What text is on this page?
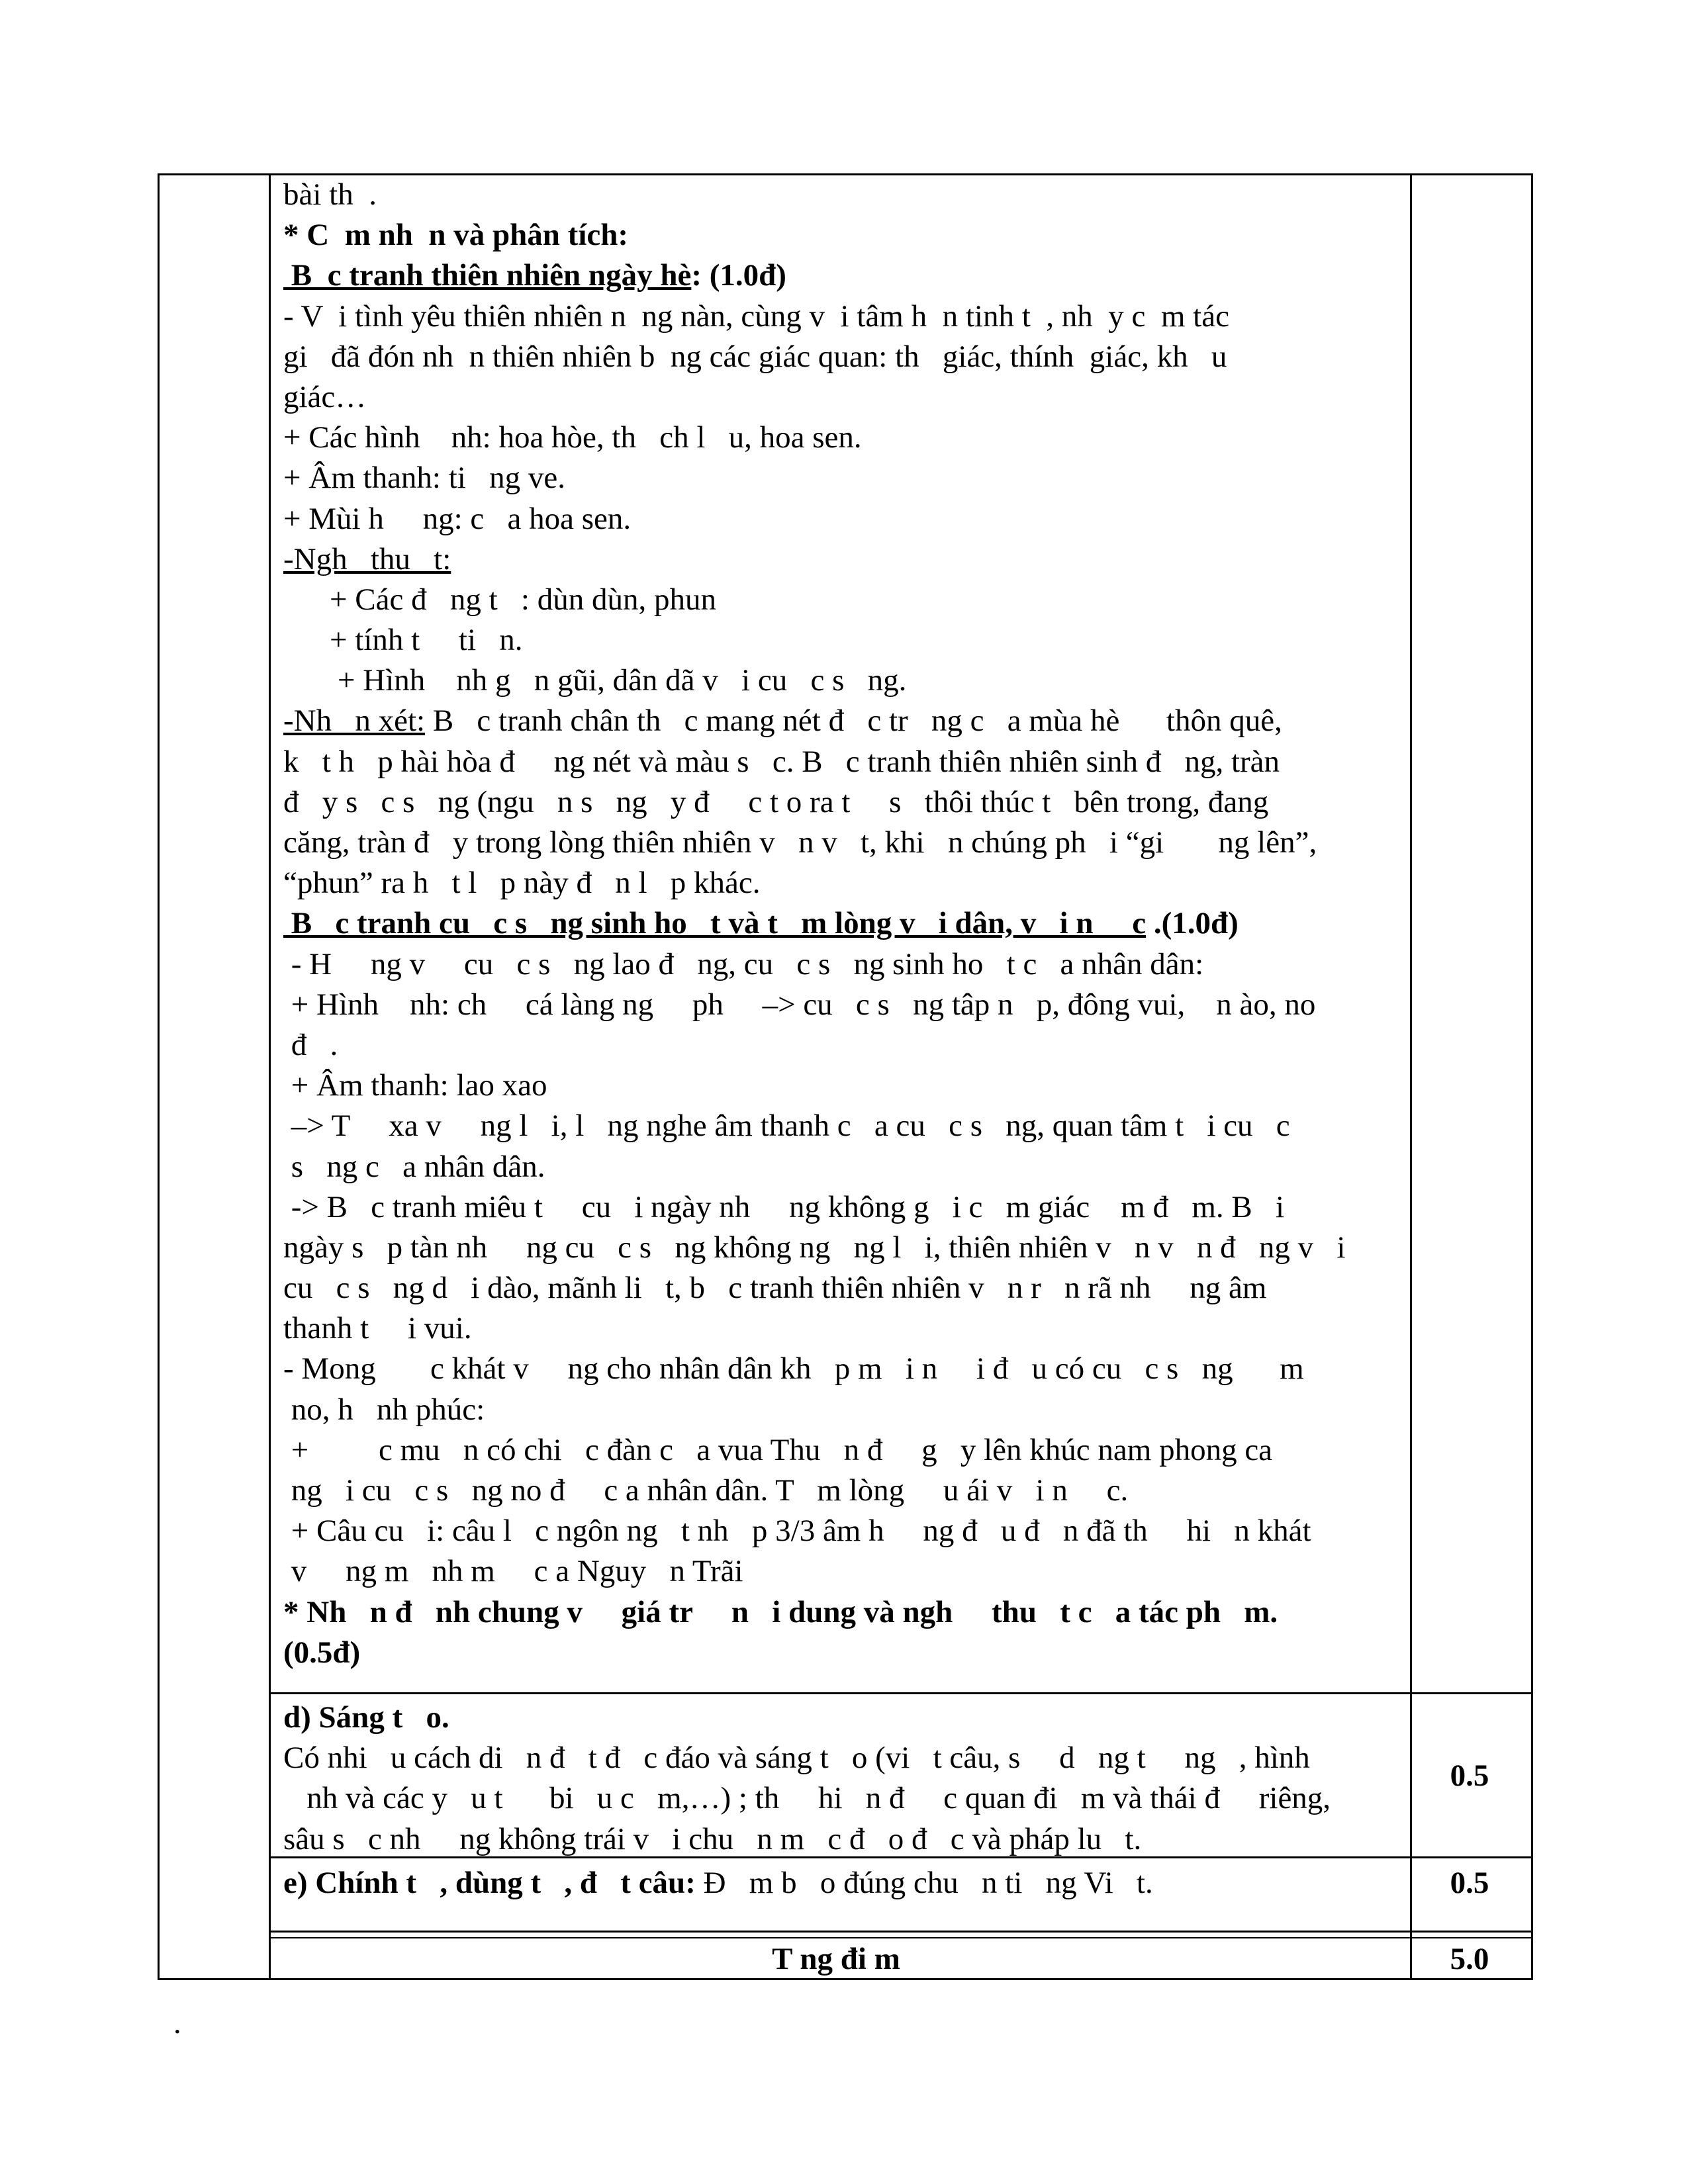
bài th  .
* C  m nh  n và phân tích:
B  c tranh thiên nhiên ngày hè: (1.0đ)
- V  i tình yêu thiên nhiên n  ng nàn, cùng v  i tâm h  n tinh t  , nh  y c  m tác
gi   đã đón nh  n thiên nhiên b  ng các giác quan: th   giác, thính  giác, kh   u
giác…
+ Các hình    nh: hoa hòe, th   ch l   u, hoa sen.
+ Âm thanh: ti   ng ve.
+ Mùi h     ng: c   a hoa sen.
-Ngh   thu   t:
+ Các đ   ng t   : dùn dùn, phun
+ tính t     ti   n.
+ Hình    nh g   n gũi, dân dã v   i cu   c s   ng.
-Nh   n xét: B   c tranh chân th   c mang nét đ   c tr   ng c   a mùa hè      thôn quê,
k   t h   p hài hòa đ     ng nét và màu s   c. B   c tranh thiên nhiên sinh đ   ng, tràn
đ   y s   c s   ng (ngu   n s   ng   y đ     c t o ra t     s   thôi thúc t   bên trong, đang
căng, tràn đ   y trong lòng thiên nhiên v   n v   t, khi   n chúng ph   i “gi       ng lên”,
“phun” ra h   t l   p này đ   n l   p khác.
B   c tranh cu   c s   ng sinh ho   t và t   m lòng v   i dân, v   i n     c .(1.0đ)
- H     ng v     cu   c s   ng lao đ   ng, cu   c s   ng sinh ho   t c   a nhân dân:
+ Hình    nh: ch     cá làng ng     ph     –> cu   c s   ng tâp n   p, đông vui,    n ào, no
đ   .
+ Âm thanh: lao xao
–> T     xa v     ng l   i, l   ng nghe âm thanh c   a cu   c s   ng, quan tâm t   i cu   c
s   ng c   a nhân dân.
-> B   c tranh miêu t     cu   i ngày nh     ng không g   i c   m giác    m đ   m. B   i
ngày s   p tàn nh     ng cu   c s   ng không ng   ng l   i, thiên nhiên v   n v   n đ   ng v   i
cu   c s   ng d   i dào, mãnh li   t, b   c tranh thiên nhiên v   n r   n rã nh     ng âm
thanh t     i vui.
- Mong       c khát v     ng cho nhân dân kh   p m   i n     i đ   u có cu   c s   ng      m
no, h   nh phúc:
+         c mu   n có chi   c đàn c   a vua Thu   n đ     g   y lên khúc nam phong ca
ng   i cu   c s   ng no đ     c a nhân dân. T   m lòng     u ái v   i n     c.
+ Câu cu   i: câu l   c ngôn ng   t nh   p 3/3 âm h     ng đ   u đ   n đã th     hi   n khát
v     ng m   nh m     c a Nguy   n Trãi
* Nh   n đ   nh chung v     giá tr     n   i dung và ngh     thu   t c   a tác ph   m.
(0.5đ)
d) Sáng t   o.
Có nhi   u cách di   n đ   t đ   c đáo và sáng t   o (vi   t câu, s     d   ng t     ng   , hình
nh và các y   u t      bi   u c   m,…) ; th     hi   n đ     c quan đi   m và thái đ     riêng,
sâu s   c nh     ng không trái v   i chu   n m   c đ   o đ   c và pháp lu   t.
0.5
e) Chính t   , dùng t   , đ   t câu: Đ   m b   o đúng chu   n ti   ng Vi   t.	0.5
T ng đi m	5.0
.
